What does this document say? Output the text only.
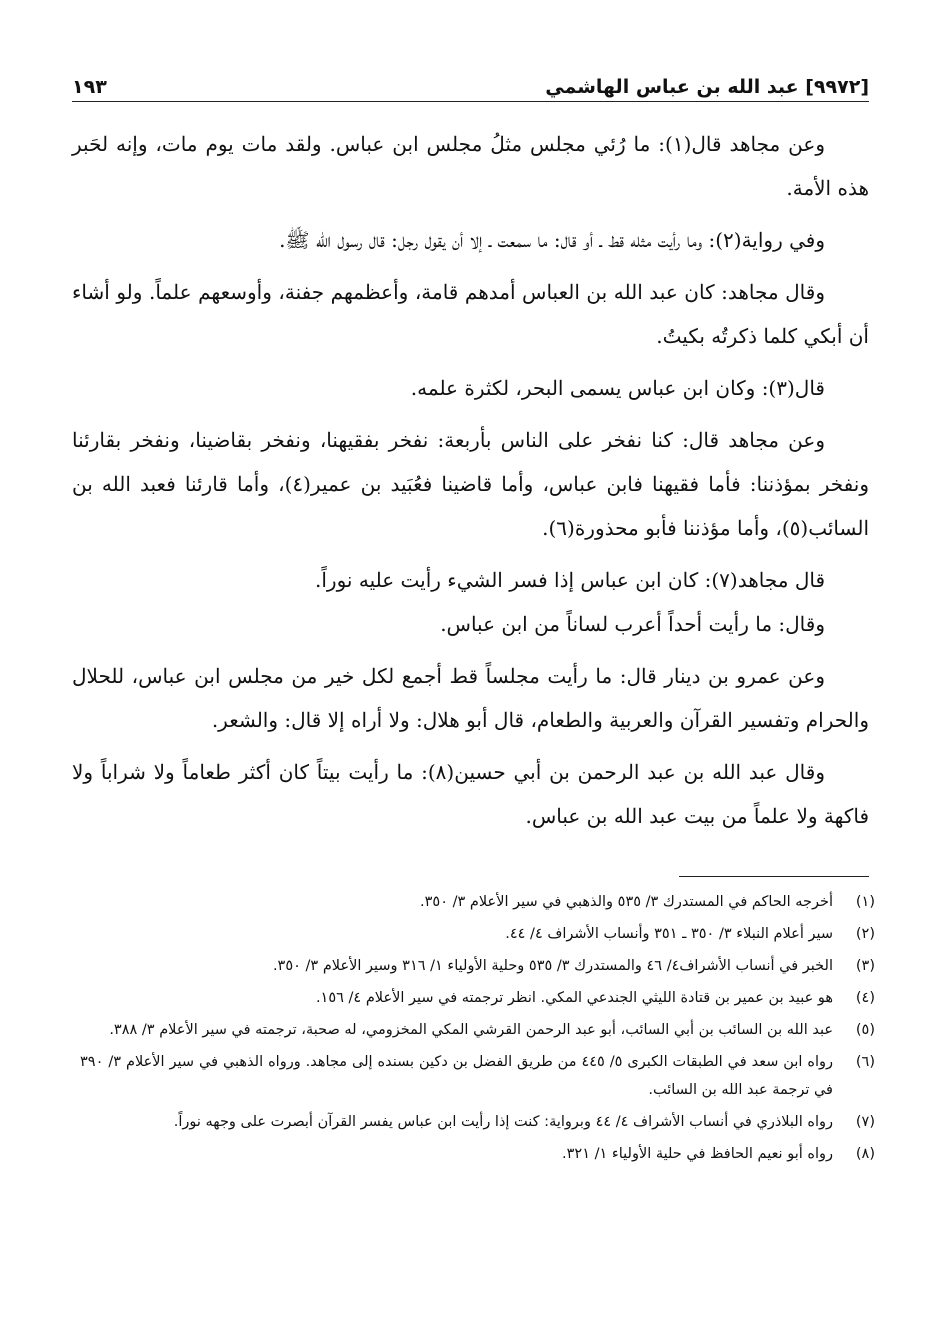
[٩٩٧٢] عبد الله بن عباس الهاشمي
١٩٣

وعن مجاهد قال(١): ما رُئي مجلس مثلُ مجلس ابن عباس. ولقد مات يوم مات، وإنه لحَبر هذه الأمة.

وفي رواية(٢): وما رأيت مثله قط ـ أو قال: ما سمعت ـ إلا أن يقول رجل: قال رسول الله ﷺ.

وقال مجاهد: كان عبد الله بن العباس أمدهم قامة، وأعظمهم جفنة، وأوسعهم علماً. ولو أشاء أن أبكي كلما ذكرتُه بكيتُ.

قال(٣): وكان ابن عباس يسمى البحر، لكثرة علمه.

وعن مجاهد قال: كنا نفخر على الناس بأربعة: نفخر بفقيهنا، ونفخر بقاضينا، ونفخر بقارئنا ونفخر بمؤذننا: فأما فقيهنا فابن عباس، وأما قاضينا فعُبَيد بن عمير(٤)، وأما قارئنا فعبد الله بن السائب(٥)، وأما مؤذننا فأبو محذورة(٦).

قال مجاهد(٧): كان ابن عباس إذا فسر الشيء رأيت عليه نوراً.

وقال: ما رأيت أحداً أعرب لساناً من ابن عباس.

وعن عمرو بن دينار قال: ما رأيت مجلساً قط أجمع لكل خير من مجلس ابن عباس، للحلال والحرام وتفسير القرآن والعربية والطعام، قال أبو هلال: ولا أراه إلا قال: والشعر.

وقال عبد الله بن عبد الرحمن بن أبي حسين(٨): ما رأيت بيتاً كان أكثر طعاماً ولا شراباً ولا فاكهة ولا علماً من بيت عبد الله بن عباس.

(١)
أخرجه الحاكم في المستدرك ٣/ ٥٣٥ والذهبي في سير الأعلام ٣/ ٣٥٠.
(٢)
سير أعلام النبلاء ٣/ ٣٥٠ ـ ٣٥١ وأنساب الأشراف ٤/ ٤٤.
(٣)
الخبر في أنساب الأشراف٤/ ٤٦ والمستدرك ٣/ ٥٣٥ وحلية الأولياء ١/ ٣١٦ وسير الأعلام ٣/ ٣٥٠.
(٤)
هو عبيد بن عمير بن قتادة الليثي الجندعي المكي. انظر ترجمته في سير الأعلام ٤/ ١٥٦.
(٥)
عبد الله بن السائب بن أبي السائب، أبو عبد الرحمن القرشي المكي المخزومي، له صحبة، ترجمته في سير الأعلام ٣/ ٣٨٨.
(٦)
رواه ابن سعد في الطبقات الكبرى ٥/ ٤٤٥ من طريق الفضل بن دكين بسنده إلى مجاهد. ورواه الذهبي في سير الأعلام ٣/ ٣٩٠ في ترجمة عبد الله بن السائب.
(٧)
رواه البلاذري في أنساب الأشراف ٤/ ٤٤ وبرواية: كنت إذا رأيت ابن عباس يفسر القرآن أبصرت على وجهه نوراً.
(٨)
رواه أبو نعيم الحافظ في حلية الأولياء ١/ ٣٢١.
